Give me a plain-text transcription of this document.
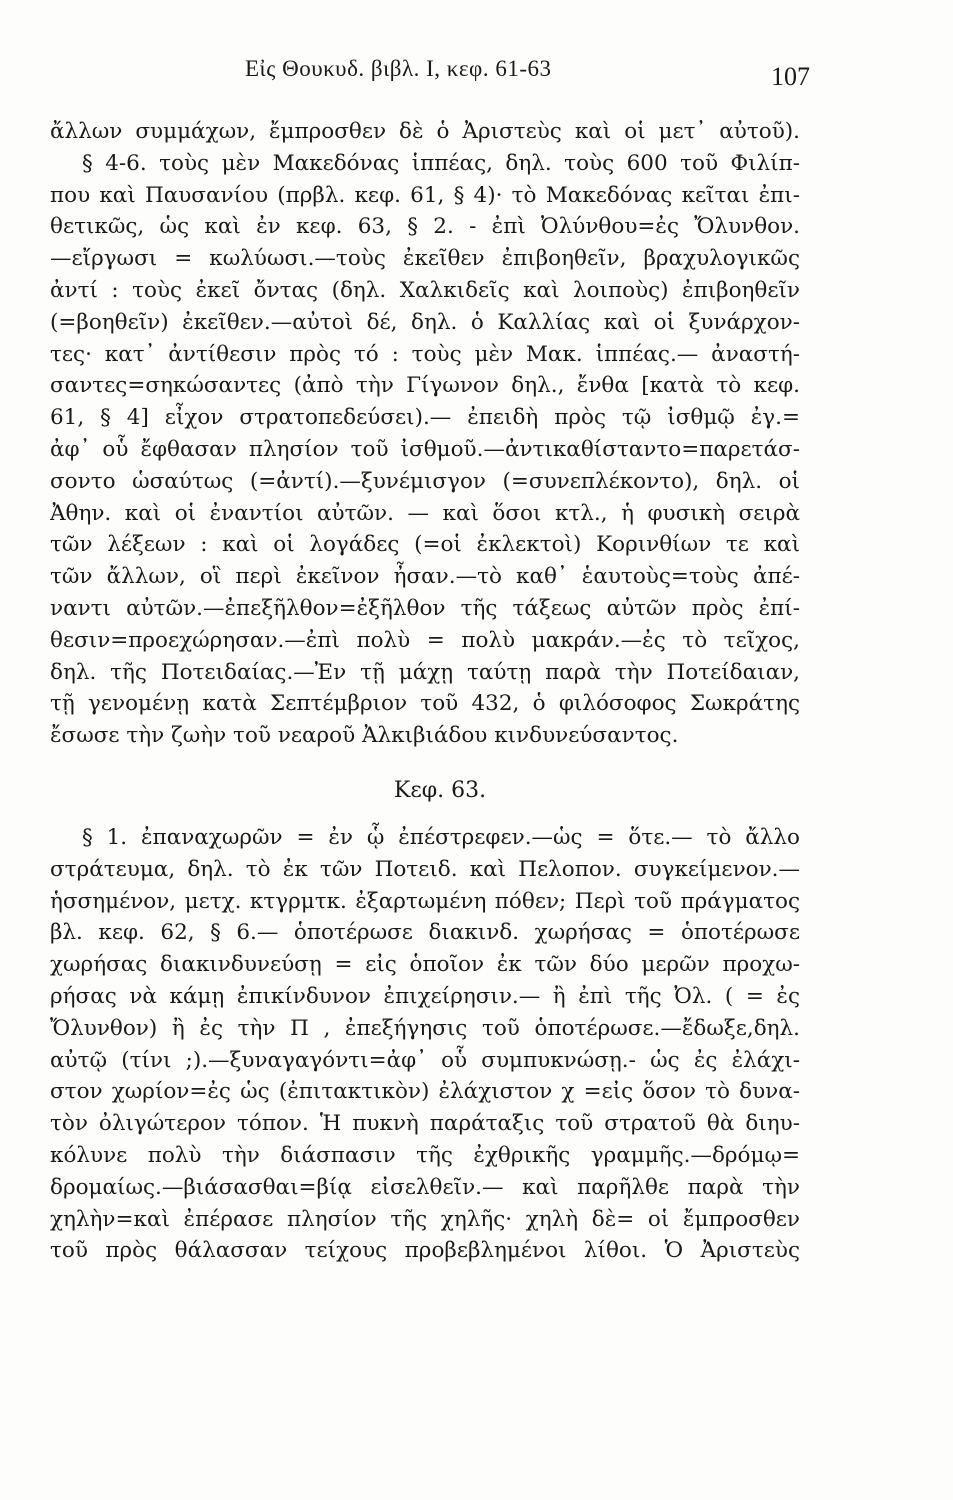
Εἰς Θουκυδ. βιβλ. I, κεφ. 61-63	107
ἄλλων συμμάχων, ἔμπροσθεν δὲ ὁ Ἀριστεὺς καὶ οἱ μετ᾽ αὐτοῦ).
§ 4-6. τοὺς μὲν Μακεδόνας ἱππέας, δηλ. τοὺς 600 τοῦ Φιλίπ-
που καὶ Παυσανίου (πρβλ. κεφ. 61, § 4)· τὸ Μακεδόνας κεῖται ἐπι-
θετικῶς, ὡς καὶ ἐν κεφ. 63, § 2. - ἐπὶ Ὀλύνθου=ἐς Ὄλυνθον.
—εἴργωσι = κωλύωσι.—τοὺς ἐκεῖθεν ἐπιβοηθεῖν, βραχυλογικῶς
ἀντί : τοὺς ἐκεῖ ὄντας (δηλ. Χαλκιδεῖς καὶ λοιποὺς) ἐπιβοηθεῖν
(=βοηθεῖν) ἐκεῖθεν.—αὐτοὶ δέ, δηλ. ὁ Καλλίας καὶ οἱ ξυνάρχον-
τες· κατ᾽ ἀντίθεσιν πρὸς τό : τοὺς μὲν Μακ. ἱππέας.— ἀναστή-
σαντες=σηκώσαντες (ἀπὸ τὴν Γίγωνον δηλ., ἔνθα [κατὰ τὸ κεφ.
61, § 4] εἶχον στρατοπεδεύσει).— ἐπειδὴ πρὸς τῷ ἰσθμῷ ἐγ.=
ἀφ᾽ οὗ ἔφθασαν πλησίον τοῦ ἰσθμοῦ.—ἀντικαθίσταντο=παρετάσ-
σοντο ὡσαύτως (=ἀντί).—ξυνέμισγον (=συνεπλέκοντο), δηλ. οἱ
Ἀθην. καὶ οἱ ἐναντίοι αὐτῶν. — καὶ ὅσοι κτλ., ἡ φυσικὴ σειρὰ
τῶν λέξεων : καὶ οἱ λογάδες (=οἱ ἐκλεκτοὶ) Κορινθίων τε καὶ
τῶν ἄλλων, οἳ περὶ ἐκεῖνον ἦσαν.—τὸ καθ᾽ ἑαυτοὺς=τοὺς ἀπέ-
ναντι αὐτῶν.—ἐπεξῆλθον=ἐξῆλθον τῆς τάξεως αὐτῶν πρὸς ἐπί-
θεσιν=προεχώρησαν.—ἐπὶ πολὺ = πολὺ μακράν.—ἐς τὸ τεῖχος,
δηλ. τῆς Ποτειδαίας.—Ἐν τῇ μάχῃ ταύτῃ παρὰ τὴν Ποτείδαιαν,
τῇ γενομένῃ κατὰ Σεπτέμβριον τοῦ 432, ὁ φιλόσοφος Σωκράτης
ἔσωσε τὴν ζωὴν τοῦ νεαροῦ Ἀλκιβιάδου κινδυνεύσαντος.
Κεφ. 63.
§ 1. ἐπαναχωρῶν = ἐν ᾧ ἐπέστρεφεν.—ὡς = ὅτε.— τὸ ἄλλο
στράτευμα, δηλ. τὸ ἐκ τῶν Ποτειδ. καὶ Πελοπον. συγκείμενον.—
ἡσσημένον, μετχ. κτγρμτκ. ἐξαρτωμένη πόθεν; Περὶ τοῦ πράγματος
βλ. κεφ. 62, § 6.— ὁποτέρωσε διακινδ. χωρήσας = ὁποτέρωσε
χωρήσας διακινδυνεύσῃ = εἰς ὁποῖον ἐκ τῶν δύο μερῶν προχω-
ρήσας νὰ κάμῃ ἐπικίνδυνον ἐπιχείρησιν.— ἢ ἐπὶ τῆς Ὀλ. ( = ἐς
Ὄλυνθον) ἢ ἐς τὴν Π , ἐπεξήγησις τοῦ ὁποτέρωσε.—ἔδωξε,δηλ.
αὐτῷ (τίνι ;).—ξυναγαγόντι=ἀφ᾽ οὗ συμπυκνώσῃ.- ὡς ἐς ἐλάχι-
στον χωρίον=ἐς ὡς (ἐπιτακτικὸν) ἐλάχιστον χ =εἰς ὅσον τὸ δυνα-
τὸν ὀλιγώτερον τόπον. Ἡ πυκνὴ παράταξις τοῦ στρατοῦ θὰ διηυ-
κόλυνε πολὺ τὴν διάσπασιν τῆς ἐχθρικῆς γραμμῆς.—δρόμῳ=
δρομαίως.—βιάσασθαι=βίᾳ εἰσελθεῖν.— καὶ παρῆλθε παρὰ τὴν
χηλὴν=καὶ ἐπέρασε πλησίον τῆς χηλῆς· χηλὴ δὲ= οἱ ἔμπροσθεν
τοῦ πρὸς θάλασσαν τείχους προβεβλημένοι λίθοι. Ὁ Ἀριστεὺς
